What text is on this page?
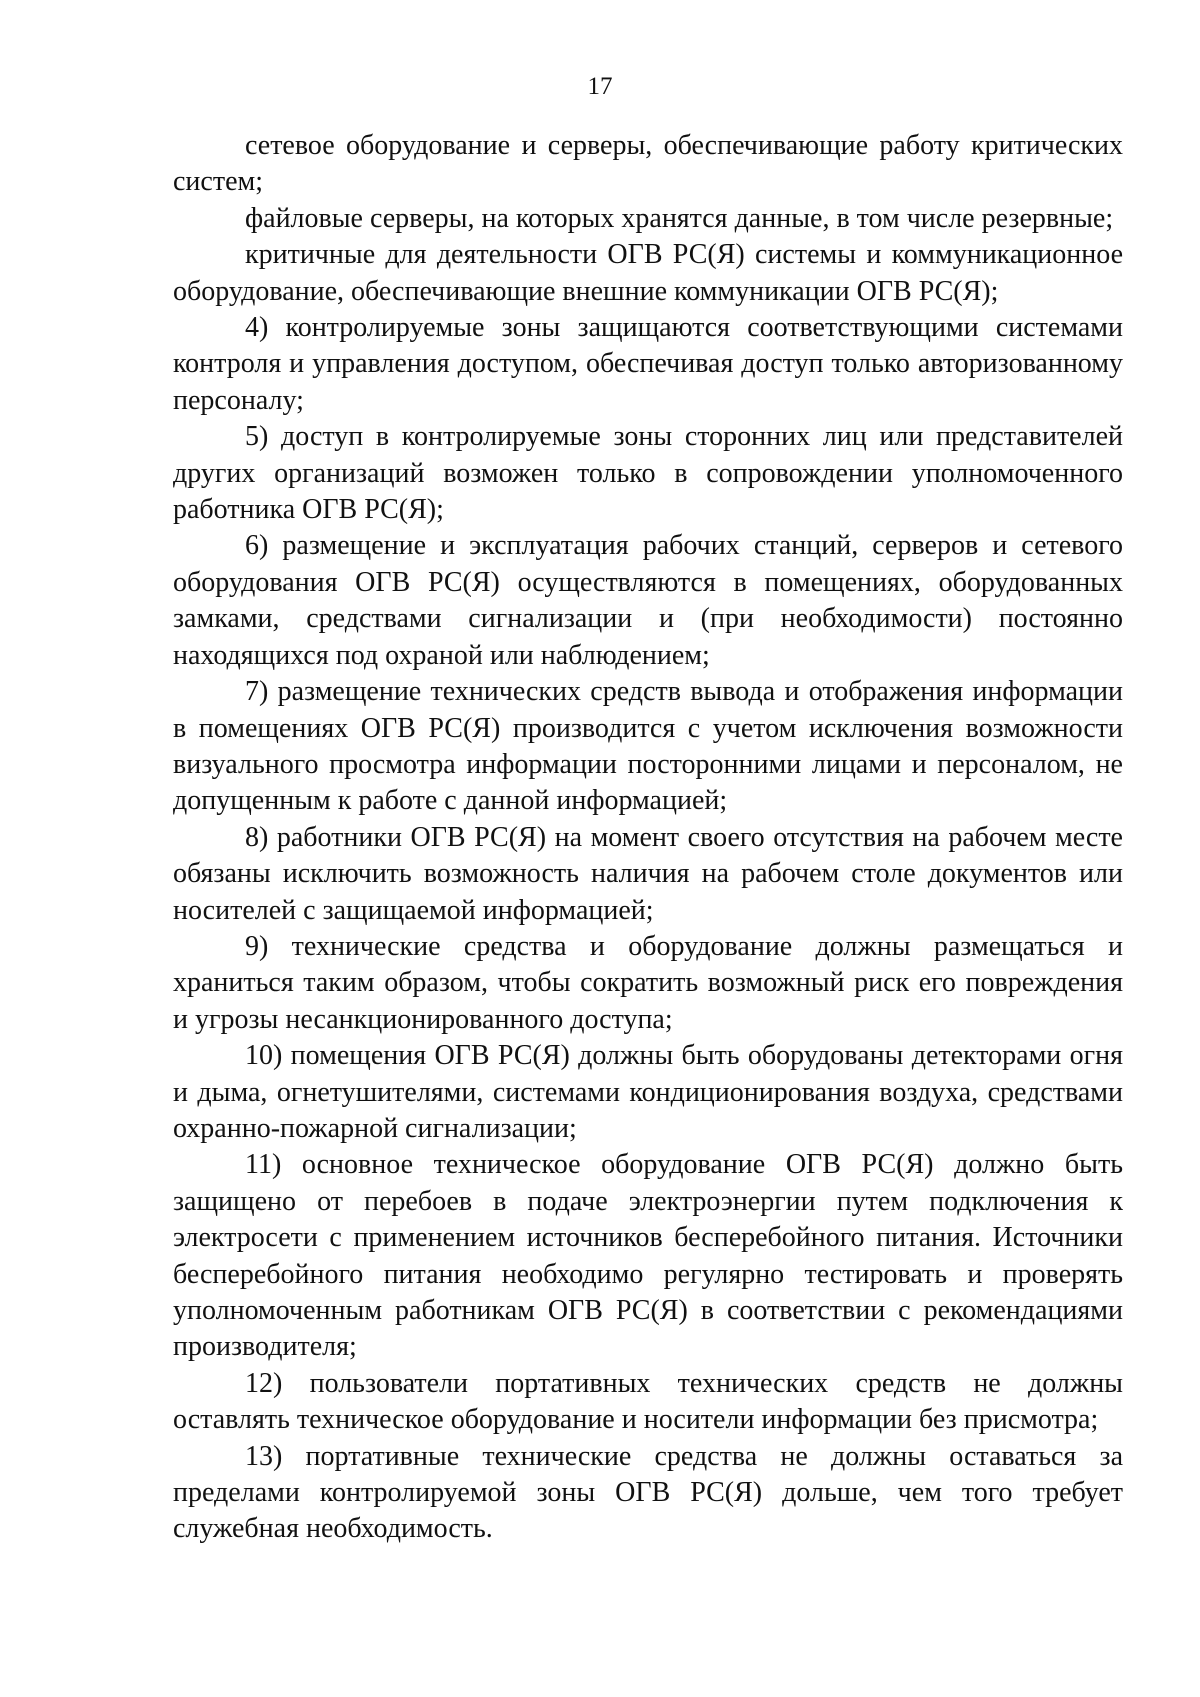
17

сетевое оборудование и серверы, обеспечивающие работу критических систем;

файловые серверы, на которых хранятся данные, в том числе резервные;

критичные для деятельности ОГВ РС(Я) системы и коммуникационное оборудование, обеспечивающие внешние коммуникации ОГВ РС(Я);

4) контролируемые зоны защищаются соответствующими системами контроля и управления доступом, обеспечивая доступ только авторизованному персоналу;

5) доступ в контролируемые зоны сторонних лиц или представителей других организаций возможен только в сопровождении уполномоченного работника ОГВ РС(Я);

6) размещение и эксплуатация рабочих станций, серверов и сетевого оборудования ОГВ РС(Я) осуществляются в помещениях, оборудованных замками, средствами сигнализации и (при необходимости) постоянно находящихся под охраной или наблюдением;

7) размещение технических средств вывода и отображения информации в помещениях ОГВ РС(Я) производится с учетом исключения возможности визуального просмотра информации посторонними лицами и персоналом, не допущенным к работе с данной информацией;

8) работники ОГВ РС(Я) на момент своего отсутствия на рабочем месте обязаны исключить возможность наличия на рабочем столе документов или носителей с защищаемой информацией;

9) технические средства и оборудование должны размещаться и храниться таким образом, чтобы сократить возможный риск его повреждения и угрозы несанкционированного доступа;

10) помещения ОГВ РС(Я) должны быть оборудованы детекторами огня и дыма, огнетушителями, системами кондиционирования воздуха, средствами охранно-пожарной сигнализации;

11) основное техническое оборудование ОГВ РС(Я) должно быть защищено от перебоев в подаче электроэнергии путем подключения к электросети с применением источников бесперебойного питания. Источники бесперебойного питания необходимо регулярно тестировать и проверять уполномоченным работникам ОГВ РС(Я) в соответствии с рекомендациями производителя;

12) пользователи портативных технических средств не должны оставлять техническое оборудование и носители информации без присмотра;

13) портативные технические средства не должны оставаться за пределами контролируемой зоны ОГВ РС(Я) дольше, чем того требует служебная необходимость.
